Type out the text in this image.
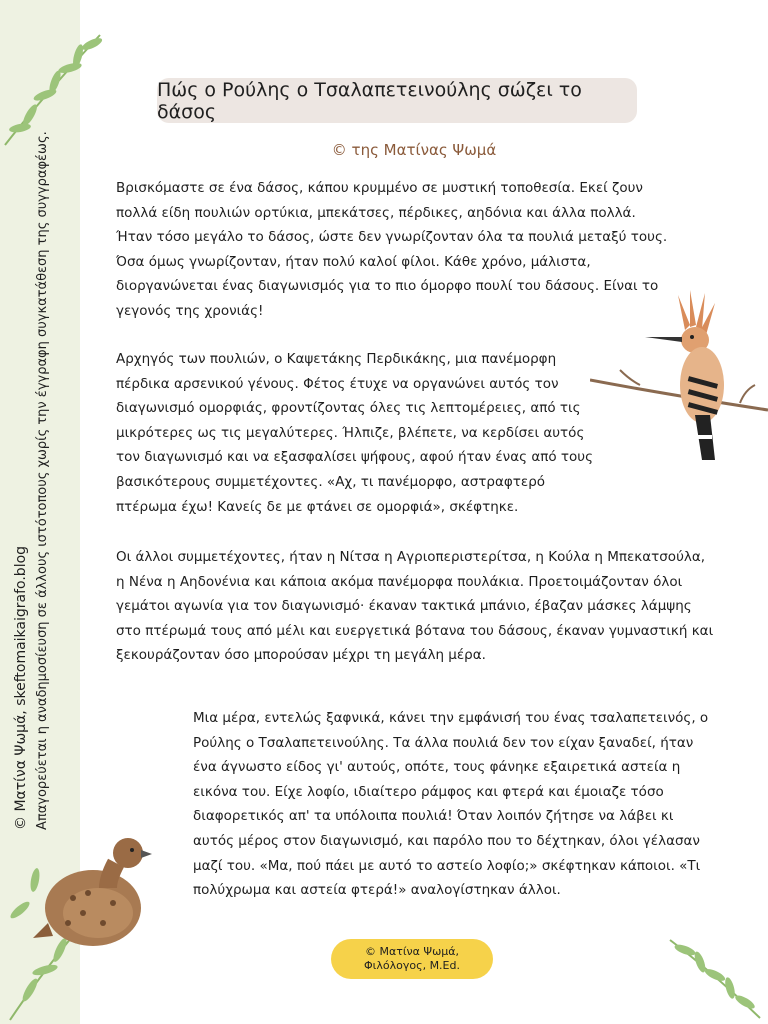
© Ματίνα Ψωμά, skeftomaikaigrafo.blog Απαγορεύεται η αναδημοσίευση σε άλλους ιστότοπους χωρίς την έγγραφη συγκατάθεση της συγγραφέως.
Πώς ο Ρούλης ο Τσαλαπετεινούλης σώζει το δάσος
© της Ματίνας Ψωμά

Βρισκόμαστε σε ένα δάσος, κάπου κρυμμένο σε μυστική τοποθεσία. Εκεί ζουν πολλά είδη πουλιών ορτύκια, μπεκάτσες, πέρδικες, αηδόνια και άλλα πολλά. Ήταν τόσο μεγάλο το δάσος, ώστε δεν γνωρίζονταν όλα τα πουλιά μεταξύ τους. Όσα όμως γνωρίζονταν, ήταν πολύ καλοί φίλοι. Κάθε χρόνο, μάλιστα, διοργανώνεται ένας διαγωνισμός για το πιο όμορφο πουλί του δάσους. Είναι το γεγονός της χρονιάς!

Αρχηγός των πουλιών, ο Καψετάκης Περδικάκης, μια πανέμορφη πέρδικα αρσενικού γένους. Φέτος έτυχε να οργανώνει αυτός τον διαγωνισμό ομορφιάς, φροντίζοντας όλες τις λεπτομέρειες, από τις μικρότερες ως τις μεγαλύτερες. Ήλπιζε, βλέπετε, να κερδίσει αυτός τον διαγωνισμό και να εξασφαλίσει ψήφους, αφού ήταν ένας από τους βασικότερους συμμετέχοντες. «Αχ, τι πανέμορφο, αστραφτερό πτέρωμα έχω! Κανείς δε με φτάνει σε ομορφιά», σκέφτηκε.

Οι άλλοι συμμετέχοντες, ήταν η Νίτσα η Αγριοπεριστερίτσα, η Κούλα η Μπεκατσούλα, η Νένα η Αηδονένια και κάποια ακόμα πανέμορφα πουλάκια. Προετοιμάζονταν όλοι γεμάτοι αγωνία για τον διαγωνισμό· έκαναν τακτικά μπάνιο, έβαζαν μάσκες λάμψης στο πτέρωμά τους από μέλι και ευεργετικά βότανα του δάσους, έκαναν γυμναστική και ξεκουράζονταν όσο μπορούσαν μέχρι τη μεγάλη μέρα.

Μια μέρα, εντελώς ξαφνικά, κάνει την εμφάνισή του ένας τσαλαπετεινός, ο Ρούλης ο Τσαλαπετεινούλης. Τα άλλα πουλιά δεν τον είχαν ξαναδεί, ήταν ένα άγνωστο είδος γι' αυτούς, οπότε, τους φάνηκε εξαιρετικά αστεία η εικόνα του. Είχε λοφίο, ιδιαίτερο ράμφος και φτερά και έμοιαζε τόσο διαφορετικός απ' τα υπόλοιπα πουλιά! Όταν λοιπόν ζήτησε να λάβει κι αυτός μέρος στον διαγωνισμό, και παρόλο που το δέχτηκαν, όλοι γέλασαν μαζί του. «Μα, πού πάει με αυτό το αστείο λοφίο;» σκέφτηκαν κάποιοι. «Τι πολύχρωμα και αστεία φτερά!» αναλογίστηκαν άλλοι.

© Ματίνα Ψωμά,
Φιλόλογος, M.Ed.
